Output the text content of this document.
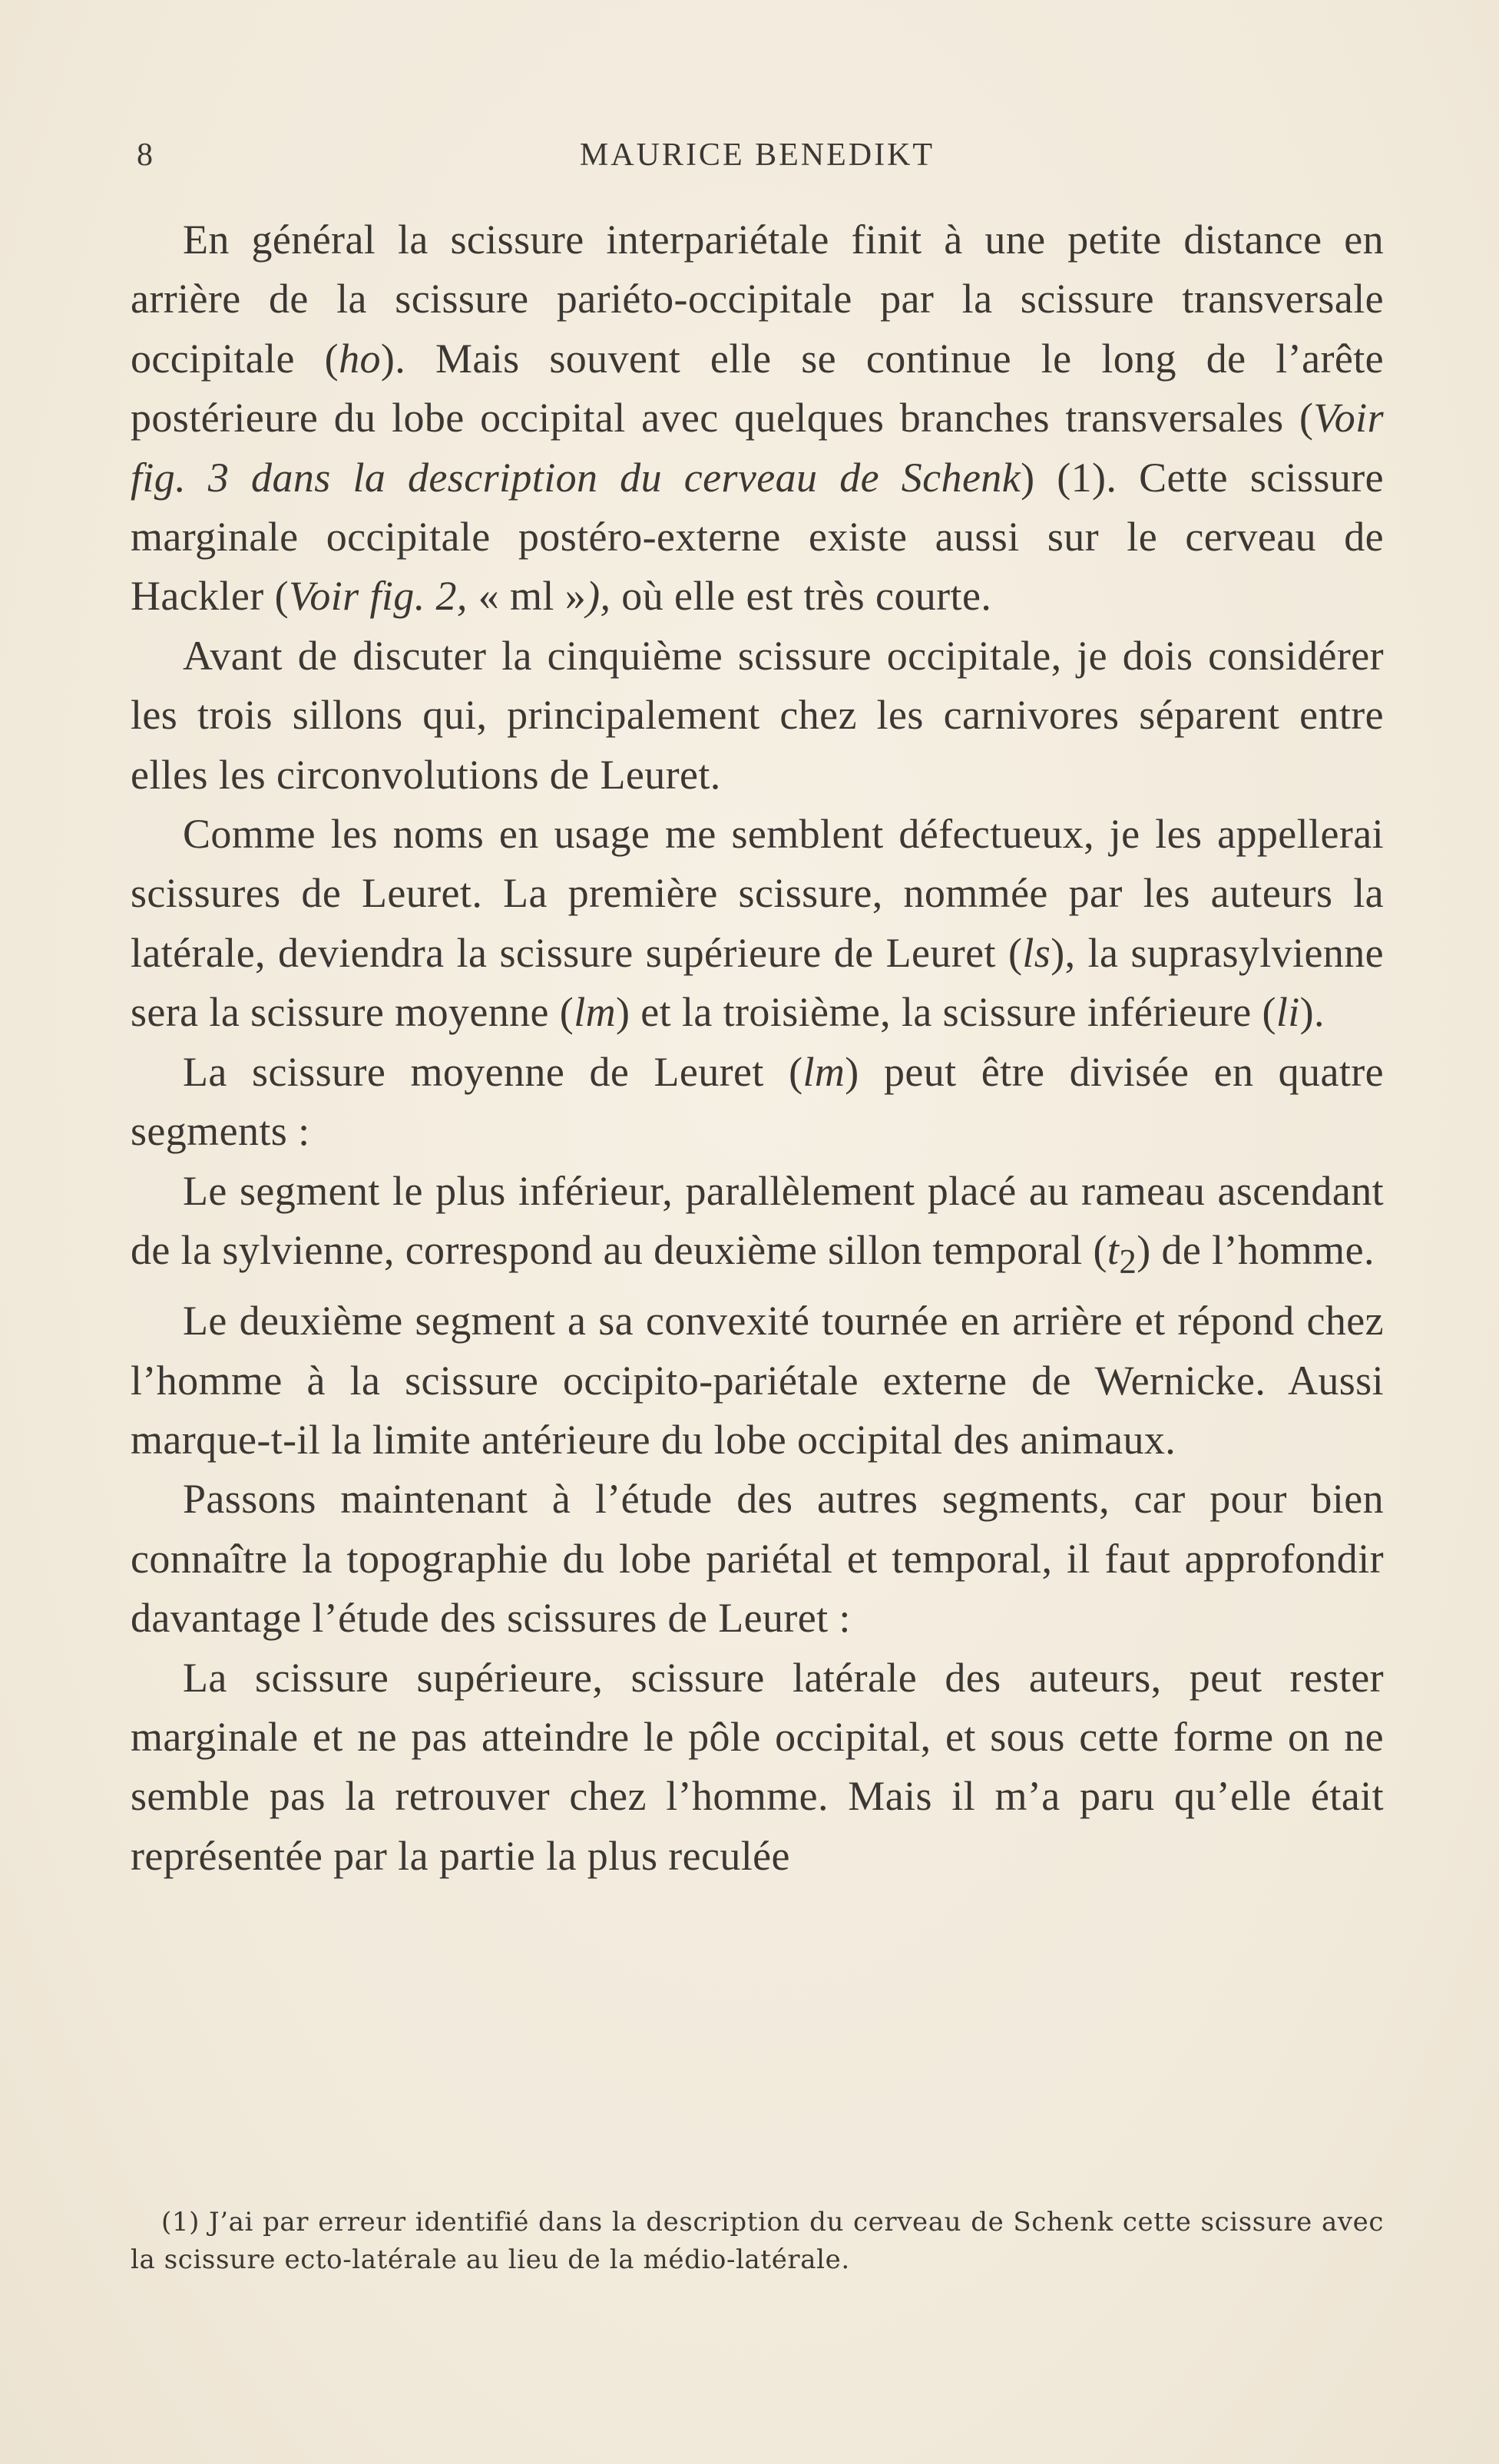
8	MAURICE BENEDIKT

En général la scissure interpariétale finit à une petite distance en arrière de la scissure pariéto-occipitale par la scissure transversale occipitale (ho). Mais souvent elle se continue le long de l’arête postérieure du lobe occipital avec quelques branches transversales (Voir fig. 3 dans la description du cerveau de Schenk) (1). Cette scissure marginale occipitale postéro-externe existe aussi sur le cerveau de Hackler (Voir fig. 2, « ml »), où elle est très courte.

Avant de discuter la cinquième scissure occipitale, je dois considérer les trois sillons qui, principalement chez les carnivores séparent entre elles les circonvolutions de Leuret.

Comme les noms en usage me semblent défectueux, je les appellerai scissures de Leuret. La première scissure, nommée par les auteurs la latérale, deviendra la scissure supérieure de Leuret (ls), la suprasylvienne sera la scissure moyenne (lm) et la troisième, la scissure inférieure (li).

La scissure moyenne de Leuret (lm) peut être divisée en quatre segments :

Le segment le plus inférieur, parallèlement placé au rameau ascendant de la sylvienne, correspond au deuxième sillon temporal $(t_2)$ de l’homme.

Le deuxième segment a sa convexité tournée en arrière et répond chez l’homme à la scissure occipito-pariétale externe de Wernicke. Aussi marque-t-il la limite antérieure du lobe occipital des animaux.

Passons maintenant à l’étude des autres segments, car pour bien connaître la topographie du lobe pariétal et temporal, il faut approfondir davantage l’étude des scissures de Leuret :

La scissure supérieure, scissure latérale des auteurs, peut rester marginale et ne pas atteindre le pôle occipital, et sous cette forme on ne semble pas la retrouver chez l’homme. Mais il m’a paru qu’elle était représentée par la partie la plus reculée

(1) J’ai par erreur identifié dans la description du cerveau de Schenk cette scissure avec la scissure ecto-latérale au lieu de la médio-latérale.
